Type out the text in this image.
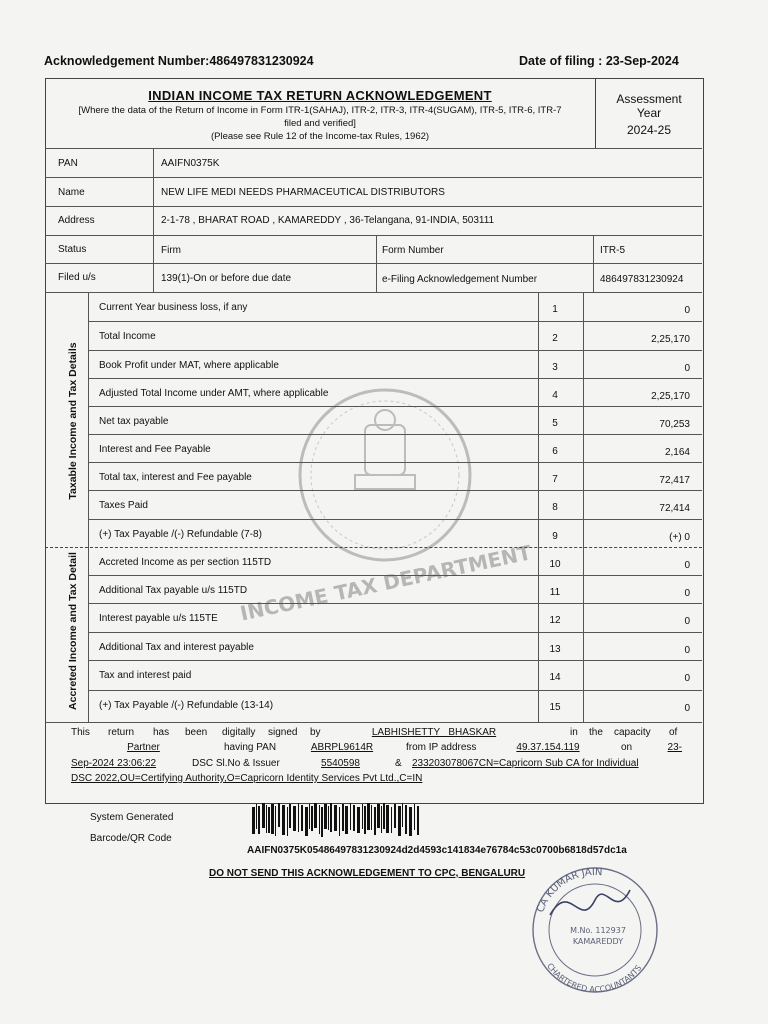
Acknowledgement Number:486497831230924	Date of filing : 23-Sep-2024
INDIAN INCOME TAX RETURN ACKNOWLEDGEMENT
[Where the data of the Return of Income in Form ITR-1(SAHAJ), ITR-2, ITR-3, ITR-4(SUGAM), ITR-5, ITR-6, ITR-7
filed and verified]
(Please see Rule 12 of the Income-tax Rules, 1962)
Assessment
Year
2024-25
PAN	AAIFN0375K
Name	NEW LIFE MEDI NEEDS PHARMACEUTICAL DISTRIBUTORS
Address	2-1-78 , BHARAT ROAD , KAMAREDDY , 36-Telangana, 91-INDIA, 503111
Status	Firm	Form Number	ITR-5
Filed u/s	139(1)-On or before due date	e-Filing Acknowledgement Number	486497831230924
INCOME TAX DEPARTMENT
Taxable Income and Tax Details
Accreted Income and Tax Detail
Current Year business loss, if any	1	0
Total Income	2	2,25,170
Book Profit under MAT, where applicable	3	0
Adjusted Total Income under AMT, where applicable	4	2,25,170
Net tax payable	5	70,253
Interest and Fee Payable	6	2,164
Total tax, interest and Fee payable	7	72,417
Taxes Paid	8	72,414
(+) Tax Payable /(-) Refundable (7-8)	9	(+) 0
Accreted Income as per section 115TD	10	0
Additional Tax payable u/s 115TD	11	0
Interest payable u/s 115TE	12	0
Additional Tax and interest payable	13	0
Tax and interest paid	14	0
(+) Tax Payable /(-) Refundable (13-14)	15	0
This return has been digitally signed by	LABHISHETTY   BHASKAR	in the capacity of
Partner	having PAN	ABRPL9614R	from IP address	49.37.154.119	on	23-
Sep-2024 23:06:22	DSC Sl.No & Issuer	5540598	& 233203078067CN=Capricorn Sub CA for Individual
DSC 2022,OU=Certifying Authority,O=Capricorn Identity Services Pvt Ltd.,C=IN
System Generated
Barcode/QR Code
AAIFN0375K05486497831230924d2d4593c141834e76784c53c0700b6818d57dc1a
DO NOT SEND THIS ACKNOWLEDGEMENT TO CPC, BENGALURU
CA KUMAR JAIN
CHARTERED ACCOUNTANTS
M.No. 112937
KAMAREDDY
